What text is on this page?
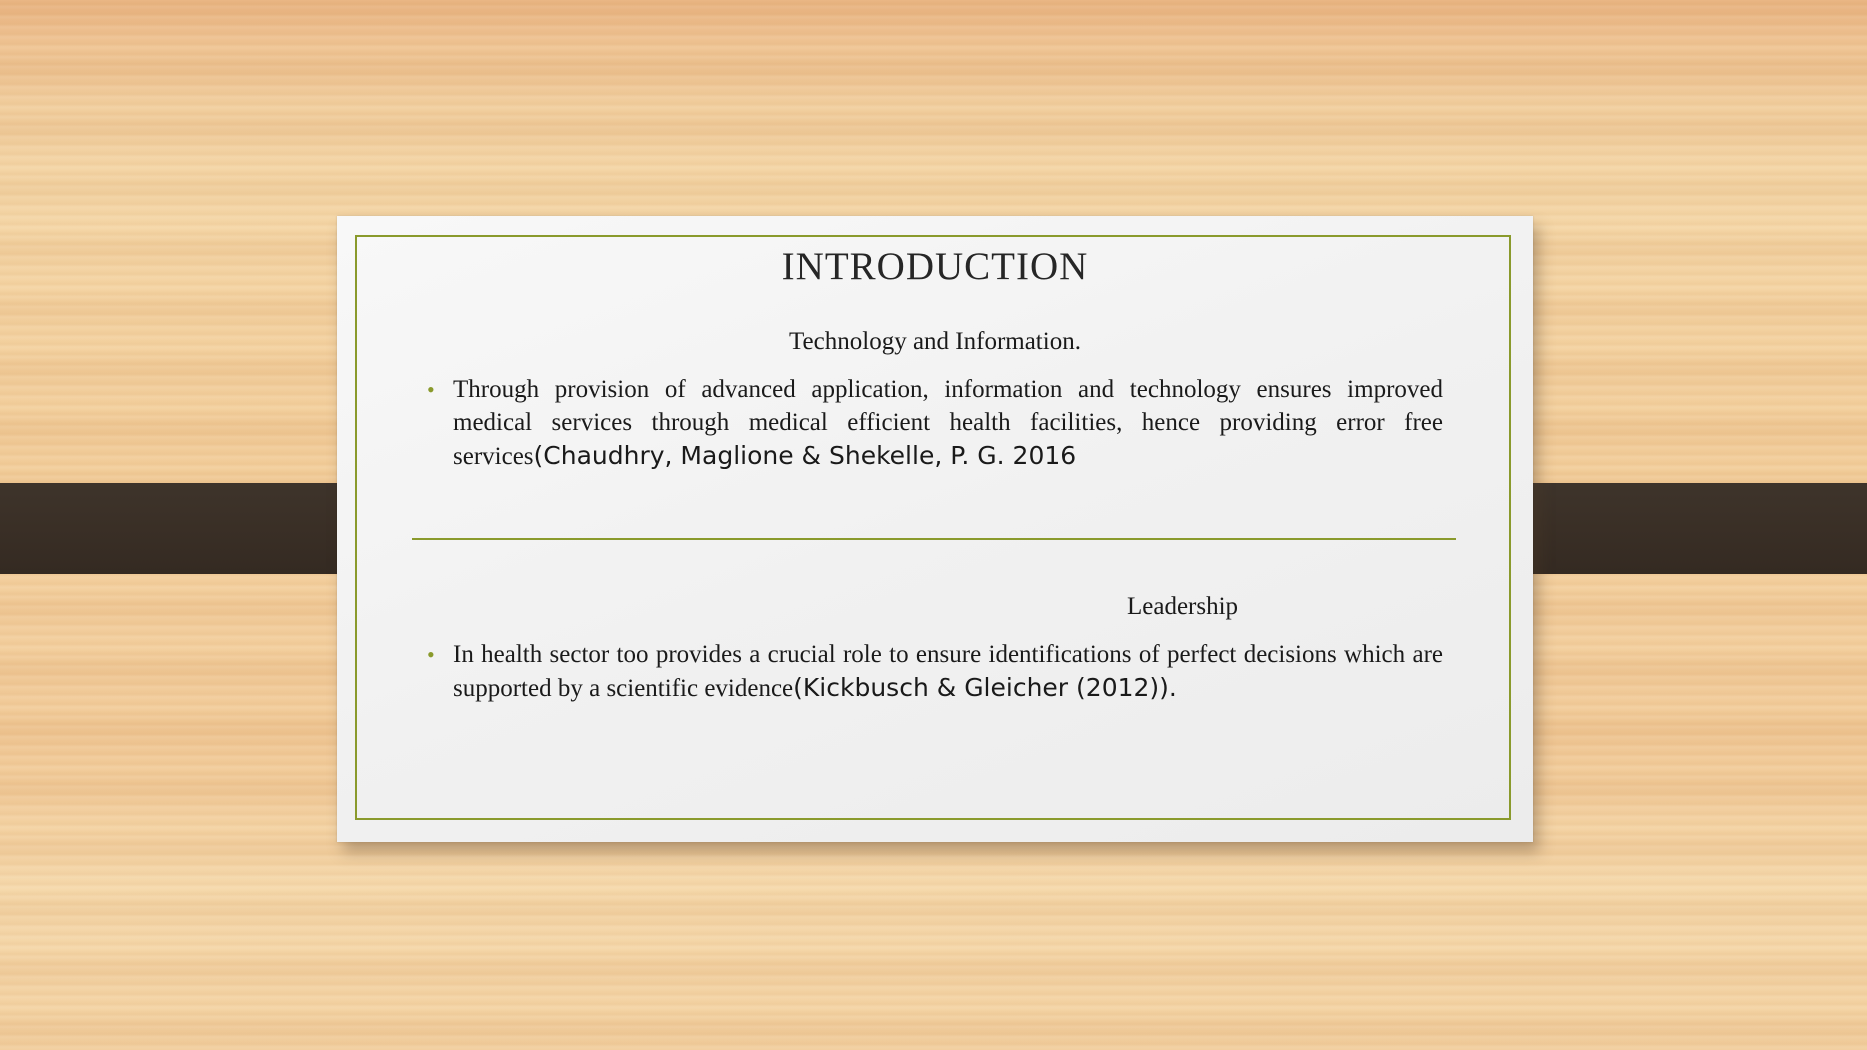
INTRODUCTION
Technology and Information.
• Through provision of advanced application, information and technology ensures improved medical services through medical efficient health facilities, hence providing error free services(Chaudhry, Maglione & Shekelle, P. G. 2016
Leadership
• In health sector too provides a crucial role to ensure identifications of perfect decisions which are supported by a scientific evidence(Kickbusch & Gleicher (2012)).
